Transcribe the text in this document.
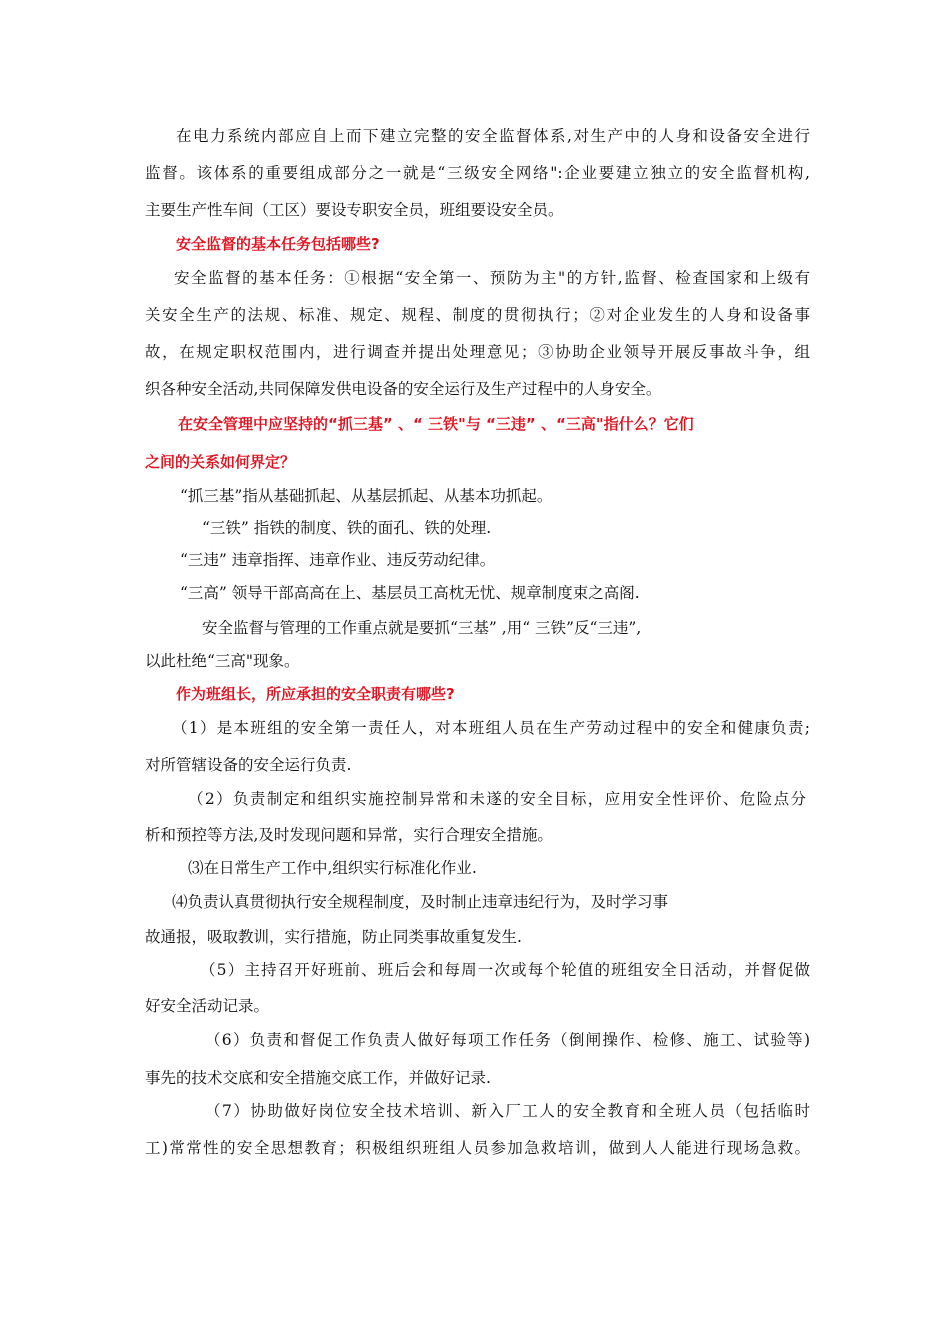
在电力系统内部应自上而下建立完整的安全监督体系,对生产中的人身和设备安全进行
监督。该体系的重要组成部分之一就是“三级安全网络":企业要建立独立的安全监督机构,
主要生产性车间（工区）要设专职安全员，班组要设安全员。
安全监督的基本任务包括哪些?
安全监督的基本任务：①根据“安全第一、预防为主"的方针,监督、检查国家和上级有
关安全生产的法规、标准、规定、规程、制度的贯彻执行；②对企业发生的人身和设备事
故，在规定职权范围内，进行调查并提出处理意见；③协助企业领导开展反事故斗争，组
织各种安全活动,共同保障发供电设备的安全运行及生产过程中的人身安全。
在安全管理中应坚持的“抓三基” 、“ 三铁"与 “三违” 、“三高"指什么？它们
之间的关系如何界定？
“抓三基”指从基础抓起、从基层抓起、从基本功抓起。
“三铁” 指铁的制度、铁的面孔、铁的处理.
“三违” 违章指挥、违章作业、违反劳动纪律。
“三高” 领导干部高高在上、基层员工高枕无忧、规章制度束之高阁.
安全监督与管理的工作重点就是要抓“三基” ,用“ 三铁”反“三违”,
以此杜绝“三高"现象。
作为班组长，所应承担的安全职责有哪些?
（1）是本班组的安全第一责任人，对本班组人员在生产劳动过程中的安全和健康负责;
对所管辖设备的安全运行负责.
（2）负责制定和组织实施控制异常和未遂的安全目标，应用安全性评价、危险点分
析和预控等方法,及时发现问题和异常，实行合理安全措施。
⑶在日常生产工作中,组织实行标准化作业.
⑷负责认真贯彻执行安全规程制度，及时制止违章违纪行为，及时学习事
故通报，吸取教训，实行措施，防止同类事故重复发生.
（5）主持召开好班前、班后会和每周一次或每个轮值的班组安全日活动，并督促做
好安全活动记录。
（6）负责和督促工作负责人做好每项工作任务（倒闸操作、检修、施工、试验等)
事先的技术交底和安全措施交底工作，并做好记录.
（7）协助做好岗位安全技术培训、新入厂工人的安全教育和全班人员（包括临时
工)常常性的安全思想教育；积极组织班组人员参加急救培训，做到人人能进行现场急救。
